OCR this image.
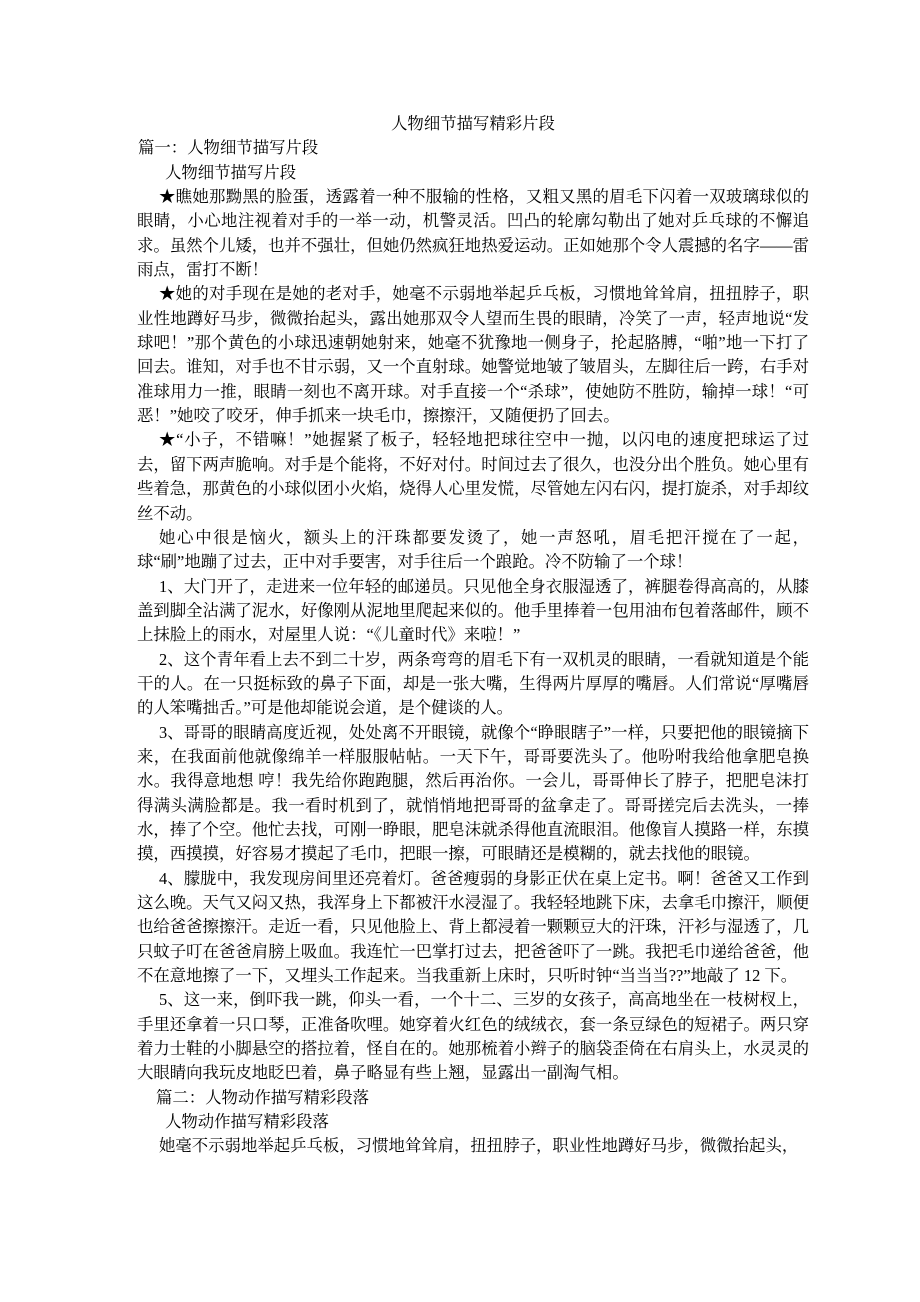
人物细节描写精彩片段
篇一：人物细节描写片段
人物细节描写片段
★瞧她那黝黑的脸蛋，透露着一种不服输的性格，又粗又黑的眉毛下闪着一双玻璃球似的眼睛，小心地注视着对手的一举一动，机警灵活。凹凸的轮廓勾勒出了她对乒乓球的不懈追求。虽然个儿矮，也并不强壮，但她仍然疯狂地热爱运动。正如她那个令人震撼的名字——雷雨点，雷打不断！
★她的对手现在是她的老对手，她毫不示弱地举起乒乓板，习惯地耸耸肩，扭扭脖子，职业性地蹲好马步，微微抬起头，露出她那双令人望而生畏的眼睛，冷笑了一声，轻声地说“发球吧！”那个黄色的小球迅速朝她射来，她毫不犹豫地一侧身子，抡起胳膊，“啪”地一下打了回去。谁知，对手也不甘示弱，又一个直射球。她警觉地皱了皱眉头，左脚往后一跨，右手对准球用力一推，眼睛一刻也不离开球。对手直接一个“杀球”，使她防不胜防，输掉一球！“可恶！”她咬了咬牙，伸手抓来一块毛巾，擦擦汗，又随便扔了回去。
★“小子，不错嘛！”她握紧了板子，轻轻地把球往空中一抛，以闪电的速度把球运了过去，留下两声脆响。对手是个能将，不好对付。时间过去了很久，也没分出个胜负。她心里有些着急，那黄色的小球似团小火焰，烧得人心里发慌，尽管她左闪右闪，提打旋杀，对手却纹丝不动。
她心中很是恼火，额头上的汗珠都要发烫了，她一声怒吼，眉毛把汗搅在了一起，球“刷”地蹦了过去，正中对手要害，对手往后一个踉跄。冷不防输了一个球！
1、大门开了，走进来一位年轻的邮递员。只见他全身衣服湿透了，裤腿卷得高高的，从膝盖到脚全沾满了泥水，好像刚从泥地里爬起来似的。他手里捧着一包用油布包着落邮件，顾不上抹脸上的雨水，对屋里人说：“《儿童时代》来啦！”
2、这个青年看上去不到二十岁，两条弯弯的眉毛下有一双机灵的眼睛，一看就知道是个能干的人。在一只挺标致的鼻子下面，却是一张大嘴，生得两片厚厚的嘴唇。人们常说“厚嘴唇的人笨嘴拙舌。”可是他却能说会道，是个健谈的人。
3、哥哥的眼睛高度近视，处处离不开眼镜，就像个“睁眼瞎子”一样，只要把他的眼镜摘下来，在我面前他就像绵羊一样服服帖帖。一天下午，哥哥要洗头了。他吩咐我给他拿肥皂换水。我得意地想 哼！我先给你跑跑腿，然后再治你。一会儿，哥哥伸长了脖子，把肥皂沫打得满头满脸都是。我一看时机到了，就悄悄地把哥哥的盆拿走了。哥哥搓完后去洗头，一捧水，捧了个空。他忙去找，可刚一睁眼，肥皂沫就杀得他直流眼泪。他像盲人摸路一样，东摸摸，西摸摸，好容易才摸起了毛巾，把眼一擦，可眼睛还是模糊的，就去找他的眼镜。
4、朦胧中，我发现房间里还亮着灯。爸爸瘦弱的身影正伏在桌上定书。啊！爸爸又工作到这么晚。天气又闷又热，我浑身上下都被汗水浸湿了。我轻轻地跳下床，去拿毛巾擦汗，顺便也给爸爸擦擦汗。走近一看，只见他脸上、背上都浸着一颗颗豆大的汗珠，汗衫与湿透了，几只蚊子叮在爸爸肩膀上吸血。我连忙一巴掌打过去，把爸爸吓了一跳。我把毛巾递给爸爸，他不在意地擦了一下，又埋头工作起来。当我重新上床时，只听时钟“当当当??”地敲了 12 下。
5、这一来，倒吓我一跳，仰头一看，一个十二、三岁的女孩子，高高地坐在一枝树杈上，手里还拿着一只口琴，正准备吹哩。她穿着火红色的绒绒衣，套一条豆绿色的短裙子。两只穿着力士鞋的小脚悬空的搭拉着，怪自在的。她那梳着小辫子的脑袋歪倚在右肩头上，水灵灵的大眼睛向我玩皮地眨巴着，鼻子略显有些上翘，显露出一副淘气相。
篇二：人物动作描写精彩段落
人物动作描写精彩段落
她毫不示弱地举起乒乓板，习惯地耸耸肩，扭扭脖子，职业性地蹲好马步，微微抬起头，
